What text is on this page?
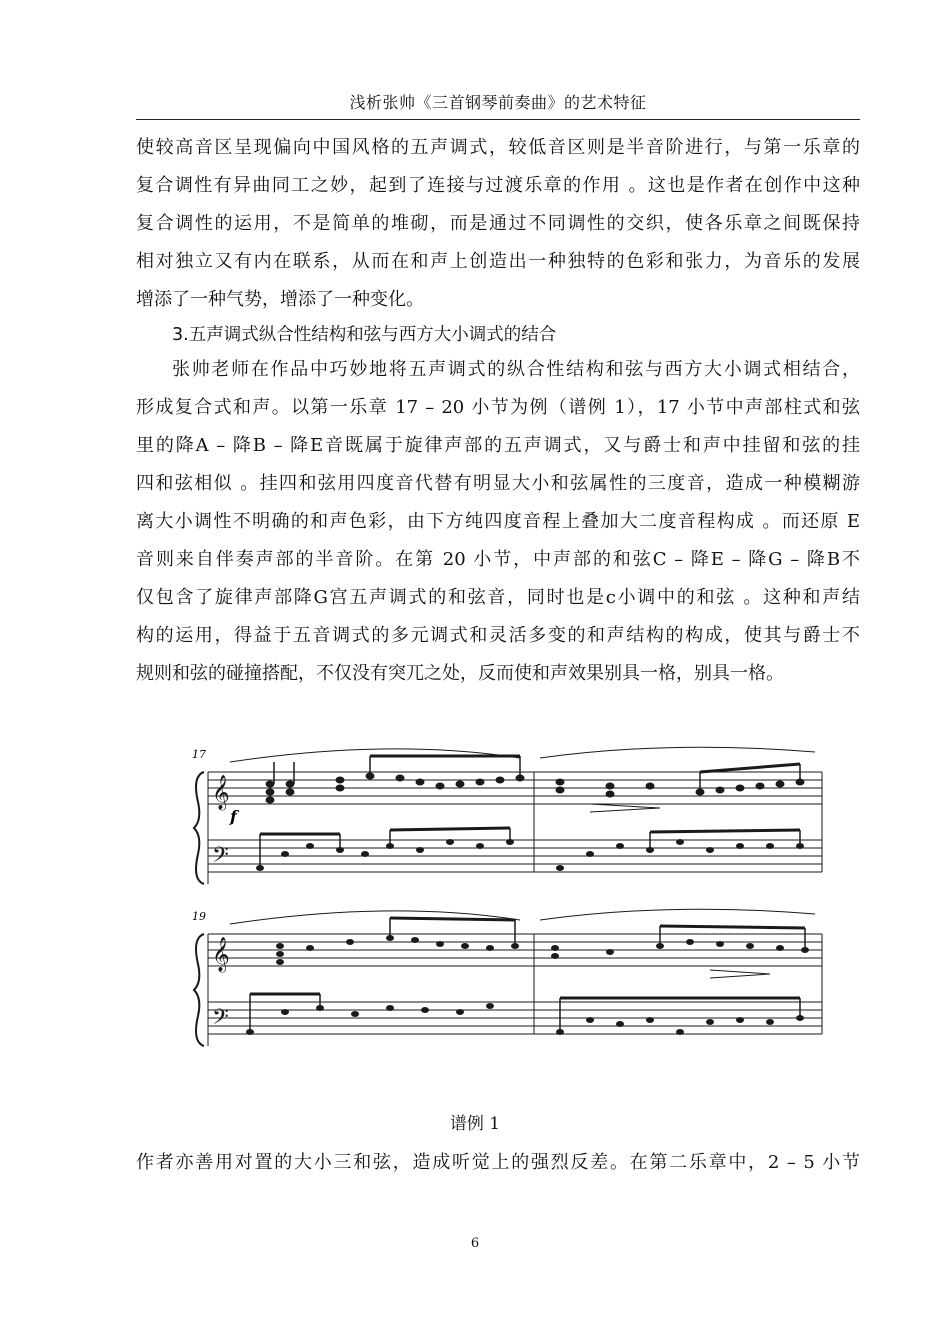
浅析张帅《三首钢琴前奏曲》的艺术特征
使较高音区呈现偏向中国风格的五声调式，较低音区则是半音阶进行，与第一乐章的
复合调性有异曲同工之妙，起到了连接与过渡乐章的作用 。这也是作者在创作中这种
复合调性的运用，不是简单的堆砌，而是通过不同调性的交织，使各乐章之间既保持
相对独立又有内在联系，从而在和声上创造出一种独特的色彩和张力，为音乐的发展
增添了一种气势，增添了一种变化。
3.五声调式纵合性结构和弦与西方大小调式的结合
张帅老师在作品中巧妙地将五声调式的纵合性结构和弦与西方大小调式相结合，
形成复合式和声。以第一乐章 17 – 20 小节为例（谱例 1），17 小节中声部柱式和弦
里的降A – 降B – 降E音既属于旋律声部的五声调式，又与爵士和声中挂留和弦的挂
四和弦相似 。挂四和弦用四度音代替有明显大小和弦属性的三度音，造成一种模糊游
离大小调性不明确的和声色彩，由下方纯四度音程上叠加大二度音程构成 。而还原 E
音则来自伴奏声部的半音阶。在第 20 小节，中声部的和弦C – 降E – 降G – 降B不
仅包含了旋律声部降G宫五声调式的和弦音，同时也是c小调中的和弦 。这种和声结
构的运用，得益于五音调式的多元调式和灵活多变的和声结构的构成，使其与爵士不
规则和弦的碰撞搭配，不仅没有突兀之处，反而使和声效果别具一格，别具一格。
𝄞
𝄢
𝄞
𝄢
17
19
f
谱例 1
作者亦善用对置的大小三和弦，造成听觉上的强烈反差。在第二乐章中，2 – 5 小节
6
